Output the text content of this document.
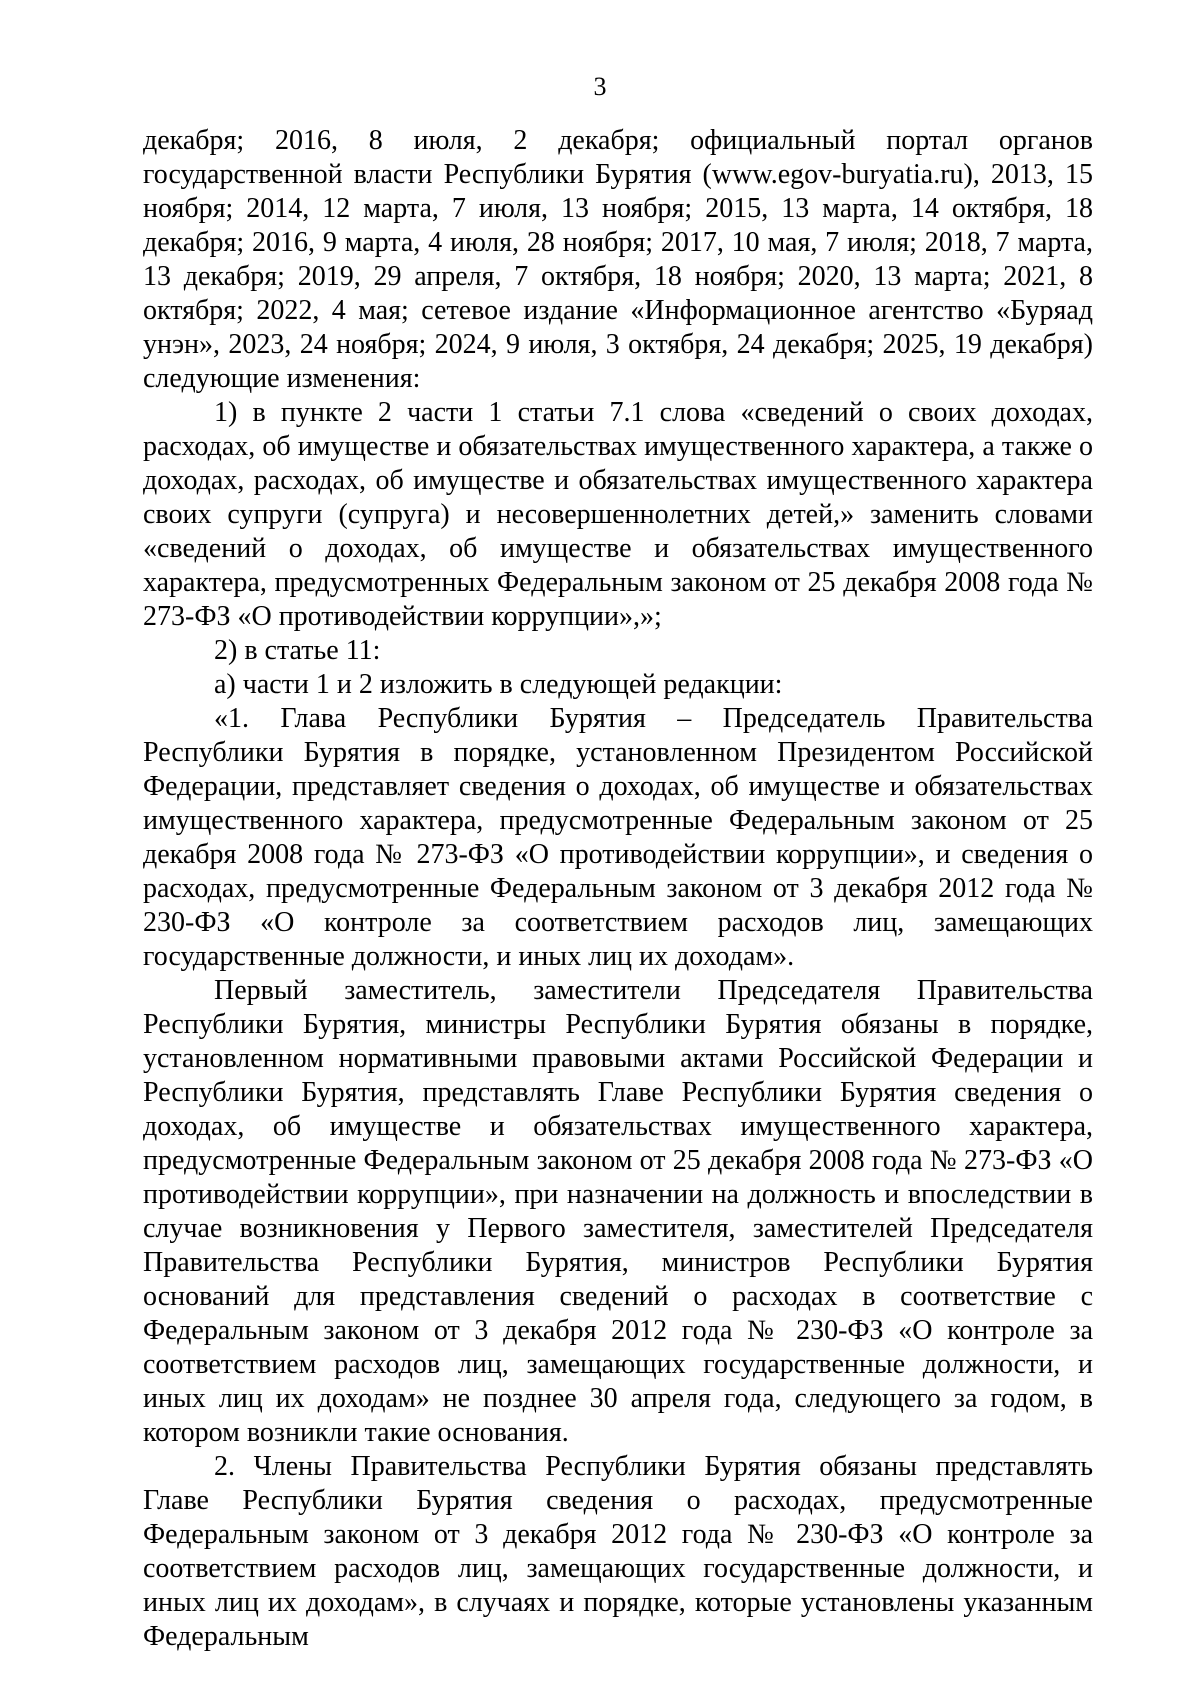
3

декабря; 2016, 8 июля, 2 декабря; официальный портал органов государственной власти Республики Бурятия (www.egov-buryatia.ru), 2013, 15 ноября; 2014, 12 марта, 7 июля, 13 ноября; 2015, 13 марта, 14 октября, 18 декабря; 2016, 9 марта, 4 июля, 28 ноября; 2017, 10 мая, 7 июля; 2018, 7 марта, 13 декабря; 2019, 29 апреля, 7 октября, 18 ноября; 2020, 13 марта; 2021, 8 октября; 2022, 4 мая; сетевое издание «Информационное агентство «Буряад унэн», 2023, 24 ноября; 2024, 9 июля, 3 октября, 24 декабря; 2025, 19 декабря) следующие изменения:

1) в пункте 2 части 1 статьи 7.1 слова «сведений о своих доходах, расходах, об имуществе и обязательствах имущественного характера, а также о доходах, расходах, об имуществе и обязательствах имущественного характера своих супруги (супруга) и несовершеннолетних детей,» заменить словами «сведений о доходах, об имуществе и обязательствах имущественного характера, предусмотренных Федеральным законом от 25 декабря 2008 года № 273-ФЗ «О противодействии коррупции»,»;

2) в статье 11:

а) части 1 и 2 изложить в следующей редакции:

«1. Глава Республики Бурятия – Председатель Правительства Республики Бурятия в порядке, установленном Президентом Российской Федерации, представляет сведения о доходах, об имуществе и обязательствах имущественного характера, предусмотренные Федеральным законом от 25 декабря 2008 года № 273-ФЗ «О противодействии коррупции», и сведения о расходах, предусмотренные Федеральным законом от 3 декабря 2012 года № 230-ФЗ «О контроле за соответствием расходов лиц, замещающих государственные должности, и иных лиц их доходам».

Первый заместитель, заместители Председателя Правительства Республики Бурятия, министры Республики Бурятия обязаны в порядке, установленном нормативными правовыми актами Российской Федерации и Республики Бурятия, представлять Главе Республики Бурятия сведения о доходах, об имуществе и обязательствах имущественного характера, предусмотренные Федеральным законом от 25 декабря 2008 года № 273-ФЗ «О противодействии коррупции», при назначении на должность и впоследствии в случае возникновения у Первого заместителя, заместителей Председателя Правительства Республики Бурятия, министров Республики Бурятия оснований для представления сведений о расходах в соответствие с Федеральным законом от 3 декабря 2012 года № 230-ФЗ «О контроле за соответствием расходов лиц, замещающих государственные должности, и иных лиц их доходам» не позднее 30 апреля года, следующего за годом, в котором возникли такие основания.

2. Члены Правительства Республики Бурятия обязаны представлять Главе Республики Бурятия сведения о расходах, предусмотренные Федеральным законом от 3 декабря 2012 года № 230-ФЗ «О контроле за соответствием расходов лиц, замещающих государственные должности, и иных лиц их доходам», в случаях и порядке, которые установлены указанным Федеральным
